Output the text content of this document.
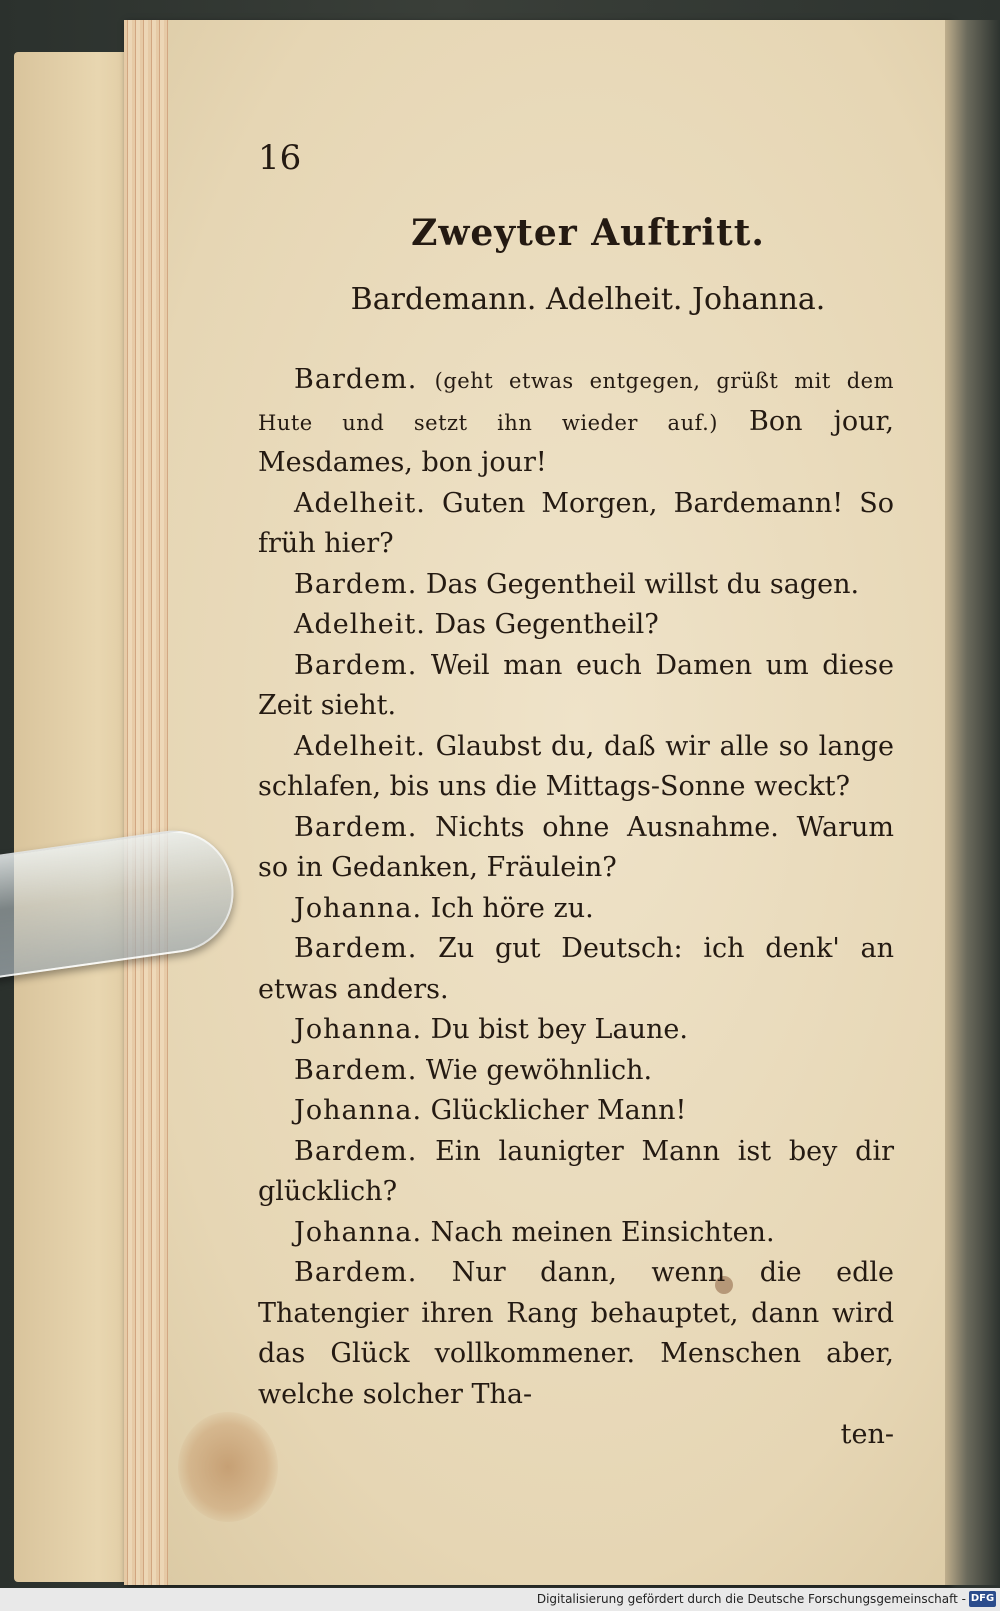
16
Zweyter Auftritt.
Bardemann. Adelheit. Johanna.

Bardem. (geht etwas entgegen, grüßt mit dem Hute und setzt ihn wieder auf.) Bon jour, Mesdames, bon jour!

Adelheit. Guten Morgen, Bardemann! So früh hier?

Bardem. Das Gegentheil willst du sagen.

Adelheit. Das Gegentheil?

Bardem. Weil man euch Damen um diese Zeit sieht.

Adelheit. Glaubst du, daß wir alle so lange schlafen, bis uns die Mittags-Sonne weckt?

Bardem. Nichts ohne Ausnahme. Warum so in Gedanken, Fräulein?

Johanna. Ich höre zu.

Bardem. Zu gut Deutsch: ich denk' an etwas anders.

Johanna. Du bist bey Laune.

Bardem. Wie gewöhnlich.

Johanna. Glücklicher Mann!

Bardem. Ein launigter Mann ist bey dir glücklich?

Johanna. Nach meinen Einsichten.

Bardem. Nur dann, wenn die edle Thatengier ihren Rang behauptet, dann wird das Glück vollkommener. Menschen aber, welche solcher Tha-

ten-

Digitalisierung gefördert durch die Deutsche Forschungsgemeinschaft - DFG
